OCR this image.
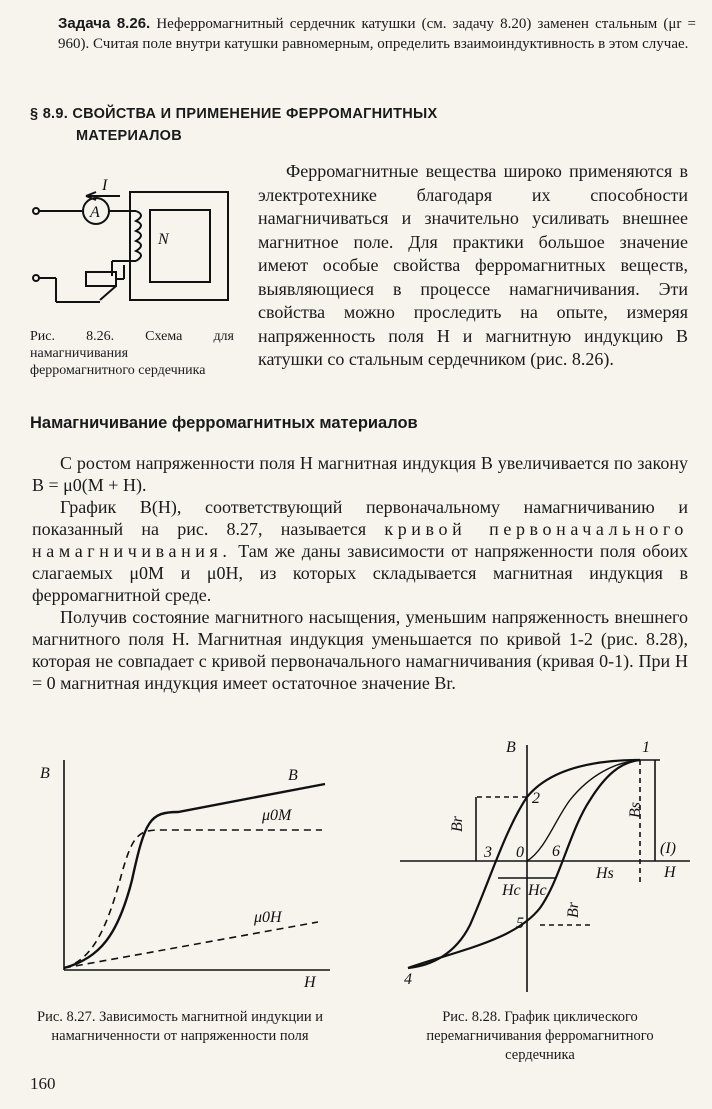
Задача 8.26. Неферромагнитный сердечник катушки (см. задачу 8.20) заменен стальным (μr = 960). Считая поле внутри катушки равномерным, определить взаимоиндуктивность в этом случае.
§ 8.9. СВОЙСТВА И ПРИМЕНЕНИЕ ФЕРРОМАГНИТНЫХ
МАТЕРИАЛОВ
I
A
N

Ферромагнитные вещества широко применяются в электротехнике благодаря их способности намагничиваться и значительно усиливать внешнее магнитное поле. Для практики большое значение имеют особые свойства ферромагнитных веществ, выявляющиеся в процессе намагничивания. Эти свойства можно проследить на опыте, измеряя напряженность поля H и магнитную индукцию B катушки со стальным сердечником (рис. 8.26).

Рис. 8.26. Схема для намагничивания ферромагнитного сердечника
Намагничивание ферромагнитных материалов

С ростом напряженности поля H магнитная индукция B увеличивается по закону B = μ0(M + H).

График B(H), соответствующий первоначальному намагничиванию и показанный на рис. 8.27, называется кривой первоначального намагничивания. Там же даны зависимости от напряженности поля обоих слагаемых μ0M и μ0H, из которых складывается магнитная индукция в ферромагнитной среде.

Получив состояние магнитного насыщения, уменьшим напряженность внешнего магнитного поля H. Магнитная индукция уменьшается по кривой 1-2 (рис. 8.28), которая не совпадает с кривой первоначального намагничивания (кривая 0-1). При H = 0 магнитная индукция имеет остаточное значение Br.

B
H
B
μ0M
μ0H
B
H
0
1
2
3
4
5
6
Br
Br
Bs
Hc Hc
Hs
(I)
Рис. 8.27. Зависимость магнитной индукции и намагниченности от напряженности поля
Рис. 8.28. График циклического перемагничивания ферромагнитного сердечника
160
